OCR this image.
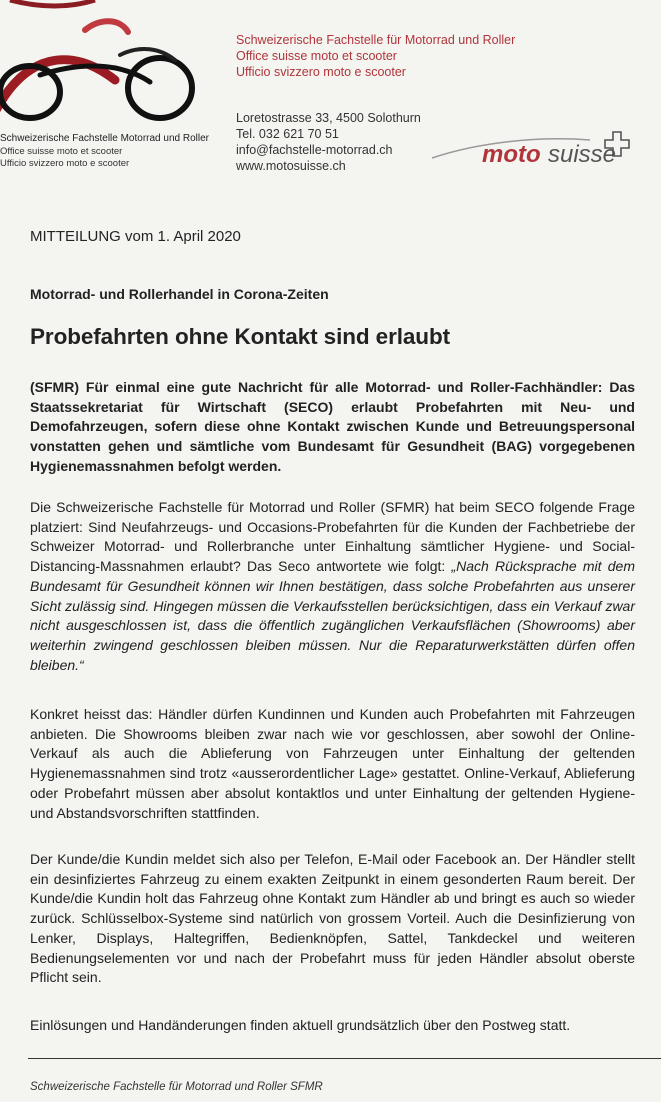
Schweizerische Fachstelle Motorrad und Roller
Office suisse moto et scooter
Ufficio svizzero moto e scooter
Schweizerische Fachstelle für Motorrad und Roller
Office suisse moto et scooter
Ufficio svizzero moto e scooter
Loretostrasse 33, 4500 Solothurn
Tel. 032 621 70 51
info@fachstelle-motorrad.ch
www.motosuisse.ch	moto suisse
MITTEILUNG vom 1. April 2020
Motorrad- und Rollerhandel in Corona-Zeiten
Probefahrten ohne Kontakt sind erlaubt
(SFMR) Für einmal eine gute Nachricht für alle Motorrad- und Roller-Fachhändler: Das Staatssekretariat für Wirtschaft (SECO) erlaubt Probefahrten mit Neu- und Demofahrzeugen, sofern diese ohne Kontakt zwischen Kunde und Betreuungspersonal vonstatten gehen und sämtliche vom Bundesamt für Gesundheit (BAG) vorgegebenen Hygienemassnahmen befolgt werden.
Die Schweizerische Fachstelle für Motorrad und Roller (SFMR) hat beim SECO folgende Frage platziert: Sind Neufahrzeugs- und Occasions-Probefahrten für die Kunden der Fachbetriebe der Schweizer Motorrad- und Rollerbranche unter Einhaltung sämtlicher Hygiene- und Social-Distancing-Massnahmen erlaubt? Das Seco antwortete wie folgt: „Nach Rücksprache mit dem Bundesamt für Gesundheit können wir Ihnen bestätigen, dass solche Probefahrten aus unserer Sicht zulässig sind. Hingegen müssen die Verkaufsstellen berücksichtigen, dass ein Verkauf zwar nicht ausgeschlossen ist, dass die öffentlich zugänglichen Verkaufsflächen (Showrooms) aber weiterhin zwingend geschlossen bleiben müssen. Nur die Reparaturwerkstätten dürfen offen bleiben.“
Konkret heisst das: Händler dürfen Kundinnen und Kunden auch Probefahrten mit Fahrzeugen anbieten. Die Showrooms bleiben zwar nach wie vor geschlossen, aber sowohl der Online-Verkauf als auch die Ablieferung von Fahrzeugen unter Einhaltung der geltenden Hygienemassnahmen sind trotz «ausserordentlicher Lage» gestattet. Online-Verkauf, Ablieferung oder Probefahrt müssen aber absolut kontaktlos und unter Einhaltung der geltenden Hygiene- und Abstandsvorschriften stattfinden.
Der Kunde/die Kundin meldet sich also per Telefon, E-Mail oder Facebook an. Der Händler stellt ein desinfiziertes Fahrzeug zu einem exakten Zeitpunkt in einem gesonderten Raum bereit. Der Kunde/die Kundin holt das Fahrzeug ohne Kontakt zum Händler ab und bringt es auch so wieder zurück. Schlüsselbox-Systeme sind natürlich von grossem Vorteil. Auch die Desinfizierung von Lenker, Displays, Haltegriffen, Bedienknöpfen, Sattel, Tankdeckel und weiteren Bedienungselementen vor und nach der Probefahrt muss für jeden Händler absolut oberste Pflicht sein.
Einlösungen und Handänderungen finden aktuell grundsätzlich über den Postweg statt.
Schweizerische Fachstelle für Motorrad und Roller SFMR
